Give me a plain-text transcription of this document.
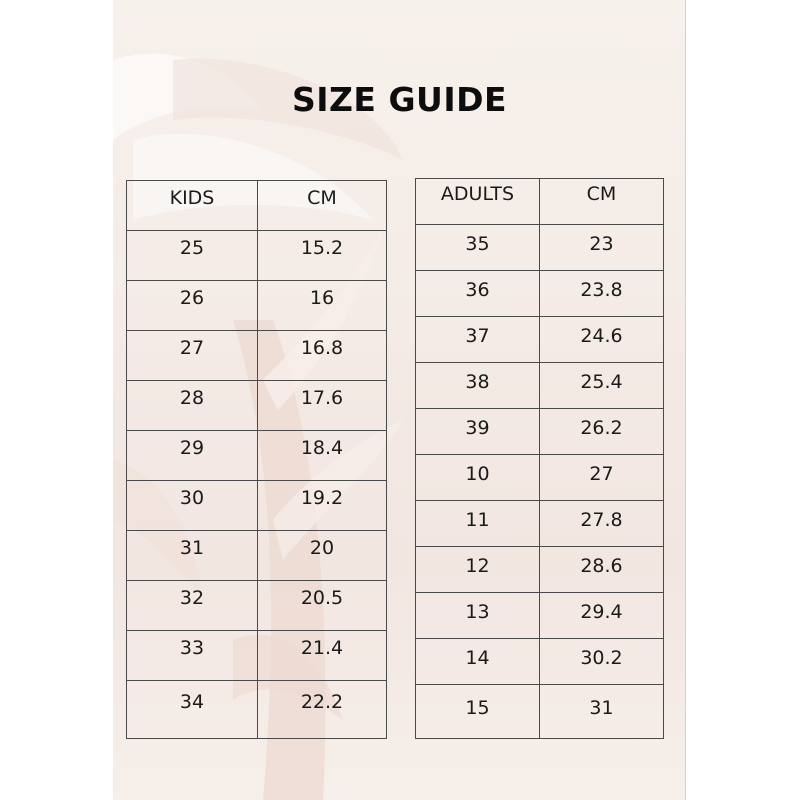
SIZE GUIDE
KIDS	CM
25	15.2
26	16
27	16.8
28	17.6
29	18.4
30	19.2
31	20
32	20.5
33	21.4
34	22.2
ADULTS	CM
35	23
36	23.8
37	24.6
38	25.4
39	26.2
10	27
11	27.8
12	28.6
13	29.4
14	30.2
15	31
